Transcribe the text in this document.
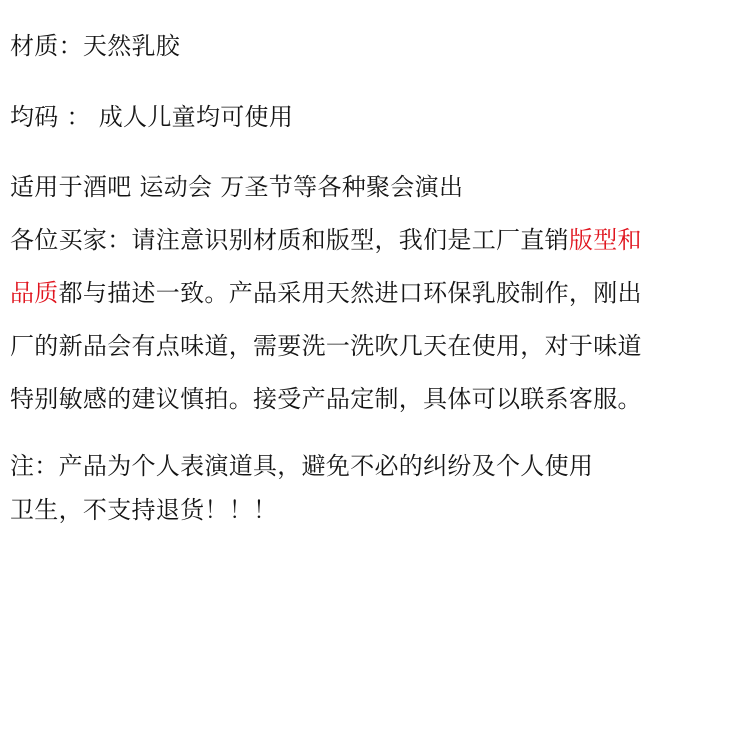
材质：天然乳胶
均码 ： 成人儿童均可使用
适用于酒吧 运动会 万圣节等各种聚会演出
各位买家：请注意识别材质和版型，我们是工厂直销版型和
品质都与描述一致。产品采用天然进口环保乳胶制作，刚出
厂的新品会有点味道，需要洗一洗吹几天在使用，对于味道
特别敏感的建议慎拍。接受产品定制，具体可以联系客服。
注：产品为个人表演道具，避免不必的纠纷及个人使用
卫生，不支持退货！！！
